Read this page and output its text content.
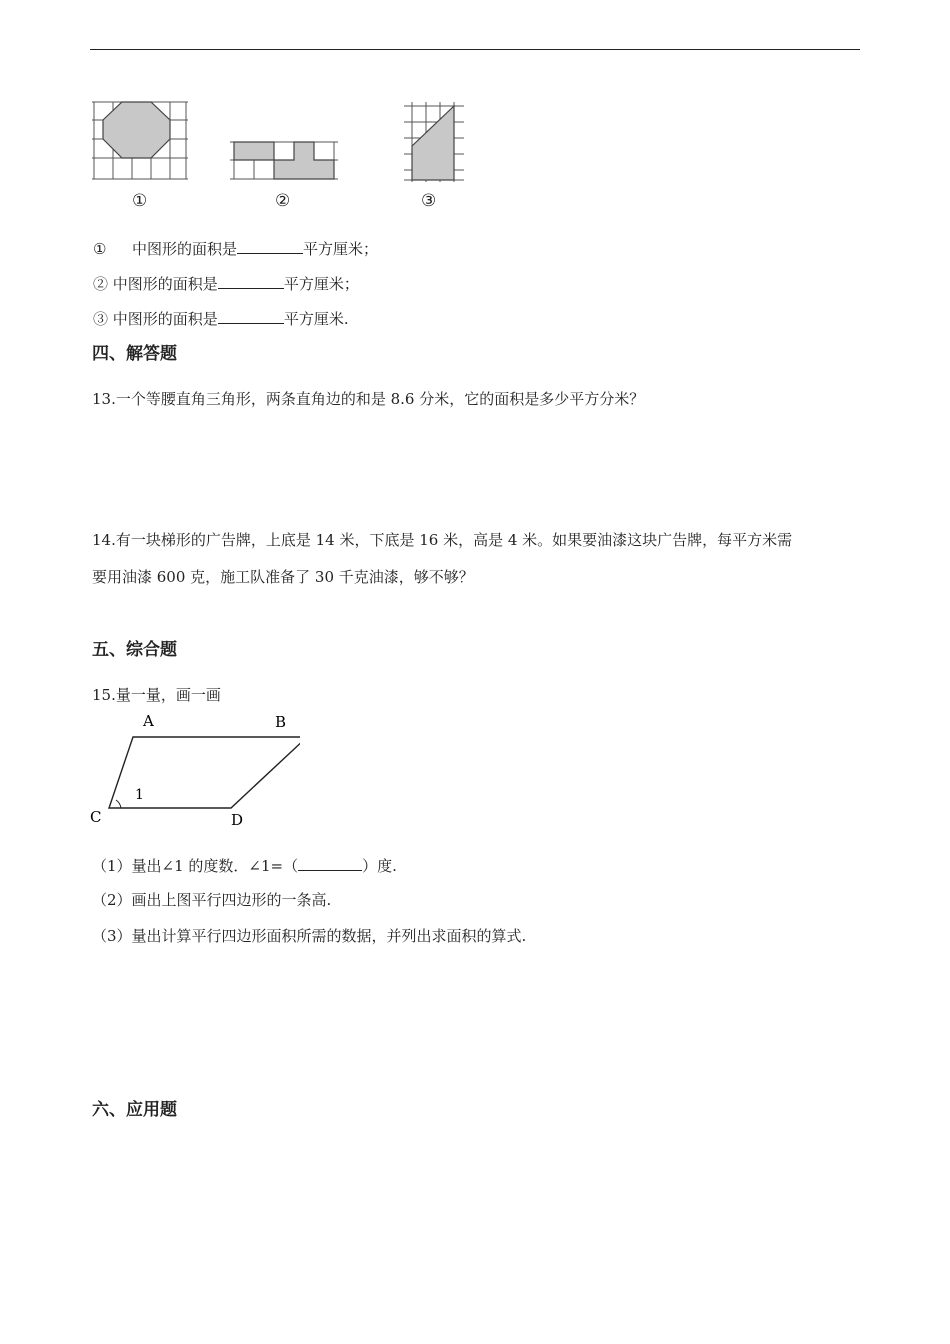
①	②	③
① 中图形的面积是	平方厘米；
② 中图形的面积是	平方厘米；
③ 中图形的面积是	平方厘米.
四、解答题
13.一个等腰直角三角形，两条直角边的和是 8.6 分米，它的面积是多少平方分米？
14.有一块梯形的广告牌，上底是 14 米，下底是 16 米，高是 4 米。如果要油漆这块广告牌，每平方米需
要用油漆 600 克，施工队准备了 30 千克油漆，够不够？
五、综合题
15.量一量，画一画
A	B
C	D
1
（1）量出∠1 的度数．∠1=（	）度.
（2）画出上图平行四边形的一条高.
（3）量出计算平行四边形面积所需的数据，并列出求面积的算式.
六、应用题
